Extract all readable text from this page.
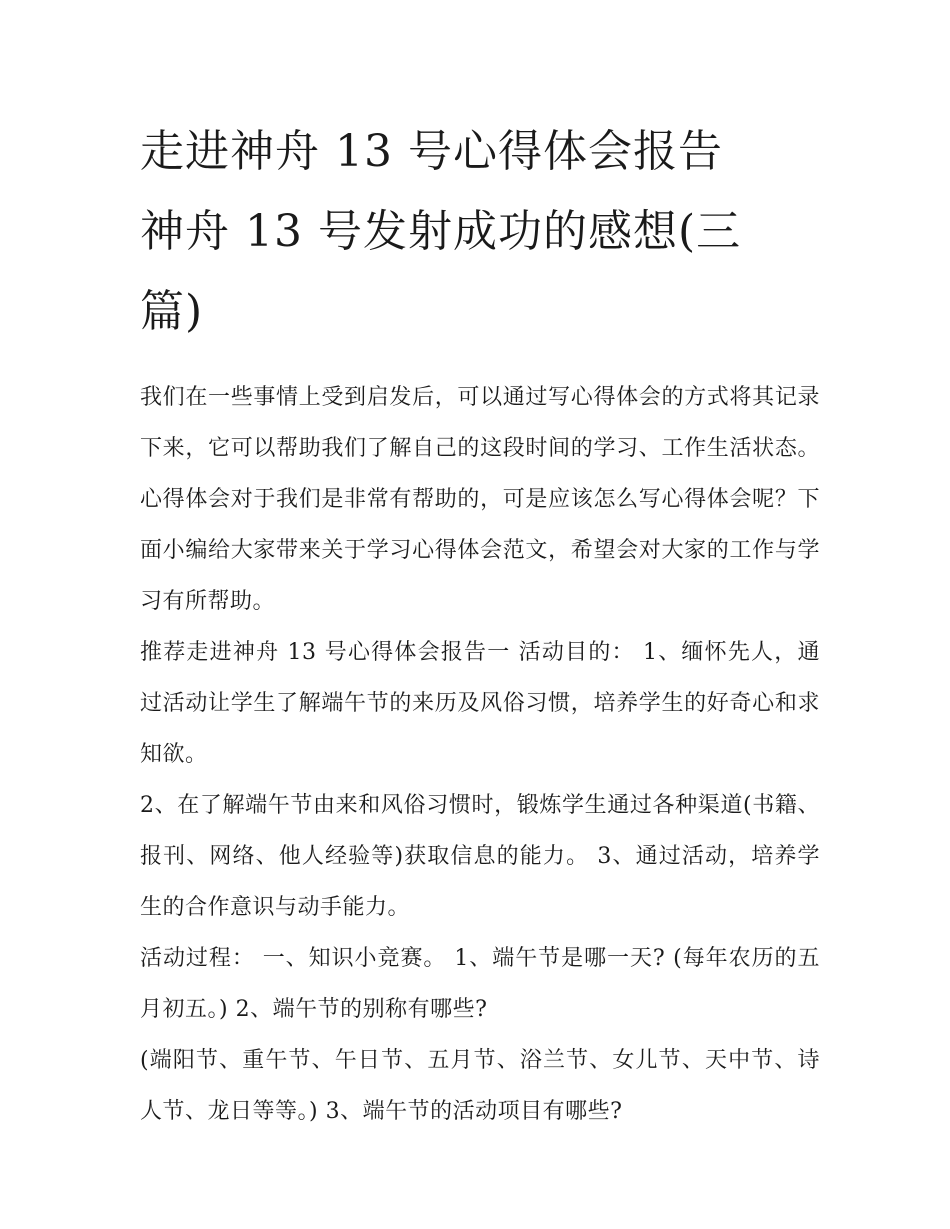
走进神舟 13 号心得体会报告
神舟 13 号发射成功的感想(三
篇)

我们在一些事情上受到启发后，可以通过写心得体会的方式将其记录下来，它可以帮助我们了解自己的这段时间的学习、工作生活状态。心得体会对于我们是非常有帮助的，可是应该怎么写心得体会呢？下面小编给大家带来关于学习心得体会范文，希望会对大家的工作与学习有所帮助。

推荐走进神舟 13 号心得体会报告一 活动目的： 1、缅怀先人，通过活动让学生了解端午节的来历及风俗习惯，培养学生的好奇心和求知欲。

2、在了解端午节由来和风俗习惯时，锻炼学生通过各种渠道(书籍、报刊、网络、他人经验等)获取信息的能力。 3、通过活动，培养学生的合作意识与动手能力。

活动过程： 一、知识小竞赛。 1、端午节是哪一天? (每年农历的五月初五。) 2、端午节的别称有哪些?

(端阳节、重午节、午日节、五月节、浴兰节、女儿节、天中节、诗人节、龙日等等。) 3、端午节的活动项目有哪些?
